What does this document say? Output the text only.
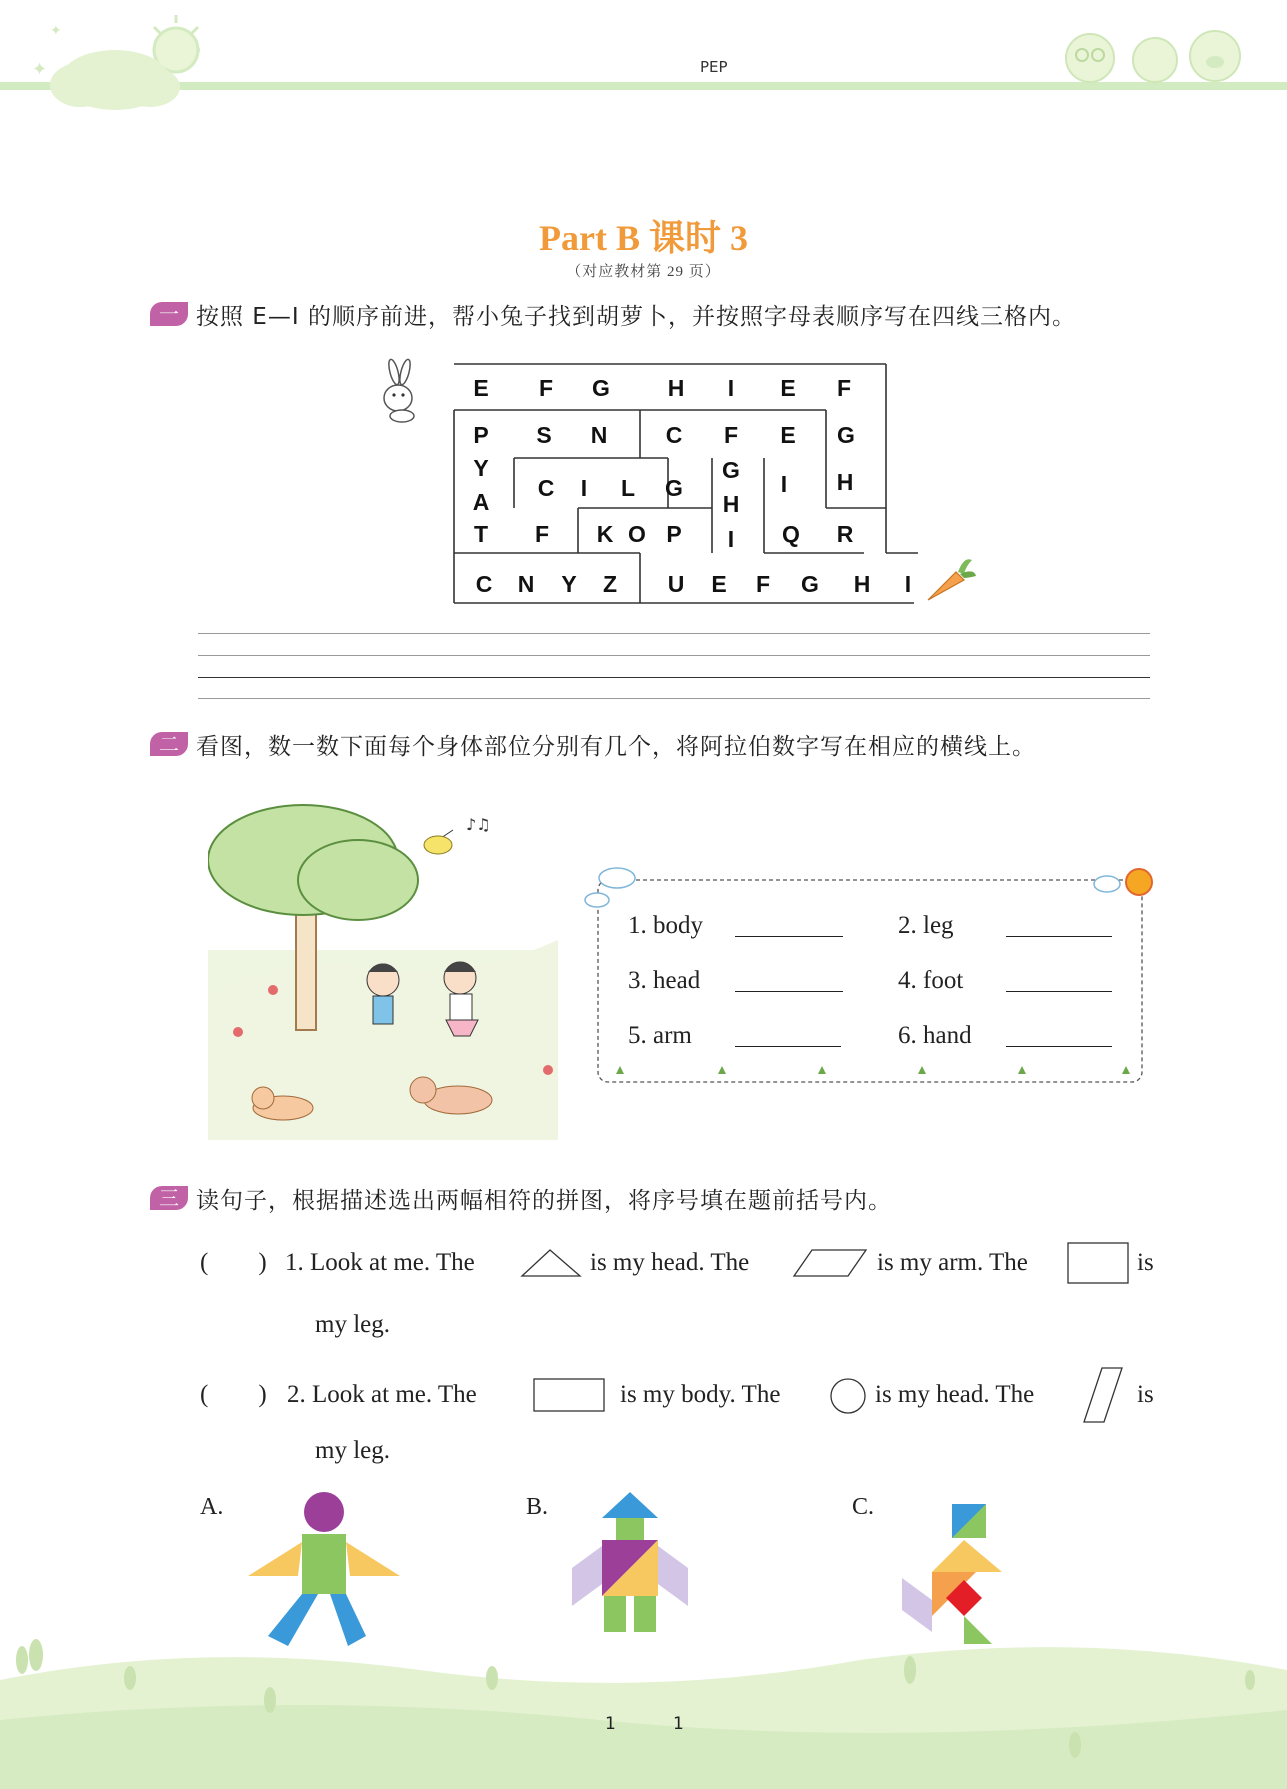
✦
✦
PEP
Part B 课时 3
（对应教材第 29 页）
一 按照 E—I 的顺序前进，帮小兔子找到胡萝卜，并按照字母表顺序写在四线三格内。
E F G	H I E F
P S N	C F E G
Y
A
C I L G
G
H
I H
T F K O P I Q R
C N Y Z U E F G H I
二 看图，数一数下面每个身体部位分别有几个，将阿拉伯数字写在相应的横线上。
♪♫
1. body	2. leg
3. head	4. foot
5. arm	6. hand
三 读句子，根据描述选出两幅相符的拼图，将序号填在题前括号内。
(        ) 1. Look at me. The	is my head. The	is my arm. The	is
my leg.
(        ) 2. Look at me. The	is my body. The	is my head. The	is
my leg.
A.	B.	C.
1	1
